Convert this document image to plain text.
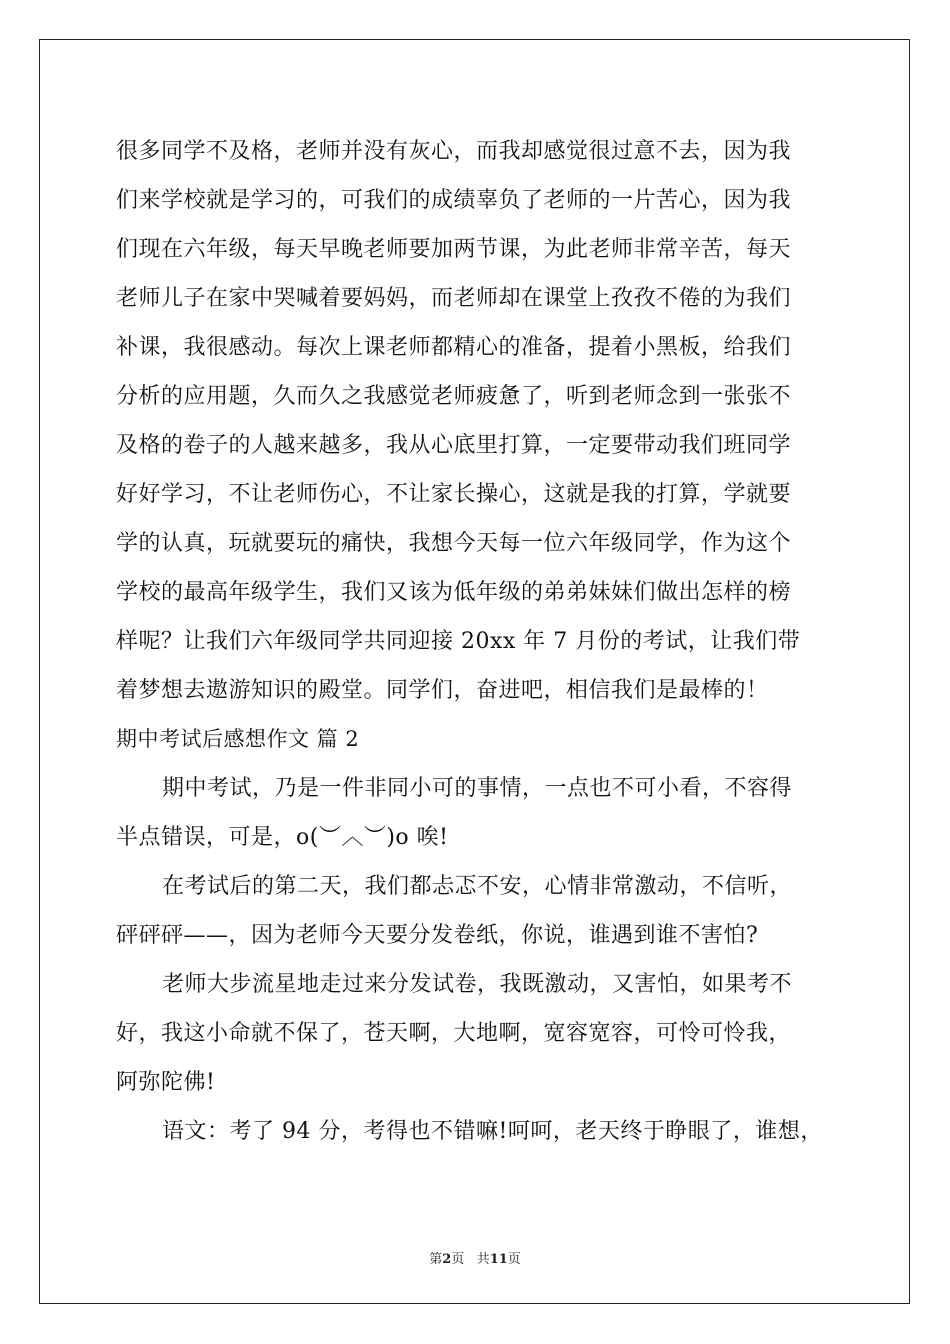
很多同学不及格，老师并没有灰心，而我却感觉很过意不去，因为我
们来学校就是学习的，可我们的成绩辜负了老师的一片苦心，因为我
们现在六年级，每天早晚老师要加两节课，为此老师非常辛苦，每天
老师儿子在家中哭喊着要妈妈，而老师却在课堂上孜孜不倦的为我们
补课，我很感动。每次上课老师都精心的准备，提着小黑板，给我们
分析的应用题，久而久之我感觉老师疲惫了，听到老师念到一张张不
及格的卷子的人越来越多，我从心底里打算，一定要带动我们班同学
好好学习，不让老师伤心，不让家长操心，这就是我的打算，学就要
学的认真，玩就要玩的痛快，我想今天每一位六年级同学，作为这个
学校的最高年级学生，我们又该为低年级的弟弟妹妹们做出怎样的榜
样呢？让我们六年级同学共同迎接 20xx 年 7 月份的考试，让我们带
着梦想去遨游知识的殿堂。同学们，奋进吧，相信我们是最棒的！
期中考试后感想作文 篇 2
期中考试，乃是一件非同小可的事情，一点也不可小看，不容得
半点错误，可是，o(︶︿︶)o 唉!
在考试后的第二天，我们都忐忑不安，心情非常激动，不信听，
砰砰砰——，因为老师今天要分发卷纸，你说，谁遇到谁不害怕?
老师大步流星地走过来分发试卷，我既激动，又害怕，如果考不
好，我这小命就不保了，苍天啊，大地啊，宽容宽容，可怜可怜我，
阿弥陀佛!
语文：考了 94 分，考得也不错嘛!呵呵，老天终于睁眼了，谁想，
第2页 共11页
